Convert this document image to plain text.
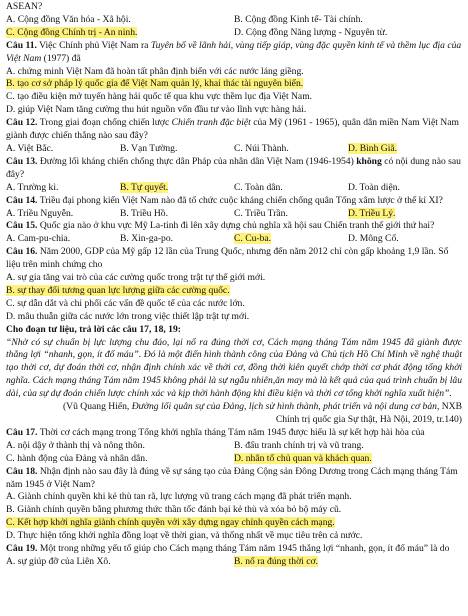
ASEAN?
A. Cộng đồng Văn hóa - Xã hội.	B. Cộng đồng Kinh tế- Tài chính.
C. Cộng đồng Chính trị - An ninh.	D. Cộng đồng Năng lượng - Nguyên từ.
Câu 11. Việc Chính phủ Việt Nam ra Tuyên bố về lãnh hải, vùng tiếp giáp, vùng đặc quyền kinh tế và thềm lục địa của Việt Nam (1977) đã
A. chứng minh Việt Nam đã hoàn tất phân định biển với các nước láng giềng.
B. tạo cơ sở pháp lý quốc gia để Việt Nam quản lý, khai thác tài nguyên biển.
C. tạo điều kiện mở tuyến hàng hải quốc tế qua khu vực thềm lục địa Việt Nam.
D. giúp Việt Nam tăng cường thu hút nguồn vốn đầu tư vào lĩnh vực hàng hải.
Câu 12. Trong giai đoạn chống chiến lược Chiến tranh đặc biệt của Mỹ (1961 - 1965), quân dân miền Nam Việt Nam giành được chiến thắng nào sau đây?
A. Việt Bắc.	B. Vạn Tường.	C. Núi Thành.	D. Bình Giã.
Câu 13. Đường lối kháng chiến chống thực dân Pháp của nhân dân Việt Nam (1946-1954) không có nội dung nào sau đây?
A. Trường kì.	B. Tự quyết.	C. Toàn dân.	D. Toàn diện.
Câu 14. Triều đại phong kiến Việt Nam nào đã tổ chức cuộc kháng chiến chống quân Tống xâm lược ở thế kỉ XI?
A. Triều Nguyễn.	B. Triều Hồ.	C. Triều Trần.	D. Triều Lý.
Câu 15. Quốc gia nào ở khu vực Mỹ La-tinh đi lên xây dựng chủ nghĩa xã hội sau Chiến tranh thế giới thứ hai?
A. Cam-pu-chia.	B. Xin-ga-po.	C. Cu-ba.	D. Mông Cổ.
Câu 16. Năm 2000, GDP của Mỹ gấp 12 lần của Trung Quốc, nhưng đến năm 2012 chỉ còn gấp khoảng 1,9 lần. Số liệu trên minh chứng cho
A. sự gia tăng vai trò của các cường quốc trong trật tự thế giới mới.
B. sự thay đổi tương quan lực lượng giữa các cường quốc.
C. sự dẫn dắt và chi phối các vấn đề quốc tế của các nước lớn.
D. mâu thuẫn giữa các nước lớn trong việc thiết lập trật tự mới.
Cho đoạn tư liệu, trả lời các câu 17, 18, 19:
“Nhờ có sự chuẩn bị lực lượng chu đáo, lại nổ ra đúng thời cơ, Cách mạng tháng Tám năm 1945 đã giành được thắng lợi “nhanh, gọn, ít đổ máu”. Đó là một điển hình thành công của Đảng và Chủ tịch Hồ Chí Minh về nghệ thuật tạo thời cơ, dự đoán thời cơ, nhận định chính xác về thời cơ, đồng thời kiên quyết chớp thời cơ phát động tổng khởi nghĩa. Cách mạng tháng Tám năm 1945 không phải là sự ngẫu nhiên,ăn may mà là kết quả của quá trình chuẩn bị lâu dài, của sự dự đoán chiến lược chính xác và kịp thời hành động khi điều kiện và thời cơ tổng khởi nghĩa xuất hiện”.
(Vũ Quang Hiển, Đường lối quân sự của Đảng, lịch sử hình thành, phát triển và nội dung cơ bản, NXB
Chính trị quốc gia Sự thật, Hà Nội, 2019, tr.140)
Câu 17. Thời cơ cách mạng trong Tổng khởi nghĩa tháng Tám năm 1945 được hiểu là sự kết hợp hài hòa của
A. nội dậy ở thành thị và nông thôn.	B. đấu tranh chính trị và vũ trang.
C. hành động của Đảng và nhân dân.	D. nhân tố chủ quan và khách quan.
Câu 18. Nhận định nào sau đây là đúng về sự sáng tạo của Đảng Cộng sản Đông Dương trong Cách mạng tháng Tám năm 1945 ở Việt Nam?
A. Giành chính quyền khi kẻ thù tan rã, lực lượng vũ trang cách mạng đã phát triển mạnh.
B. Giành chính quyền bằng phương thức thần tốc đánh bại kẻ thù và xóa bỏ bộ máy cũ.
C. Kết hợp khởi nghĩa giành chính quyền với xây dựng ngay chính quyền cách mạng.
D. Thực hiện tổng khởi nghĩa đồng loạt về thời gian, và thống nhất về mục tiêu trên cả nước.
Câu 19. Một trong những yếu tố giúp cho Cách mạng tháng Tám năm 1945 thắng lợi “nhanh, gọn, ít đổ máu” là do
A. sự giúp đỡ của Liên Xô.	B. nổ ra đúng thời cơ.
